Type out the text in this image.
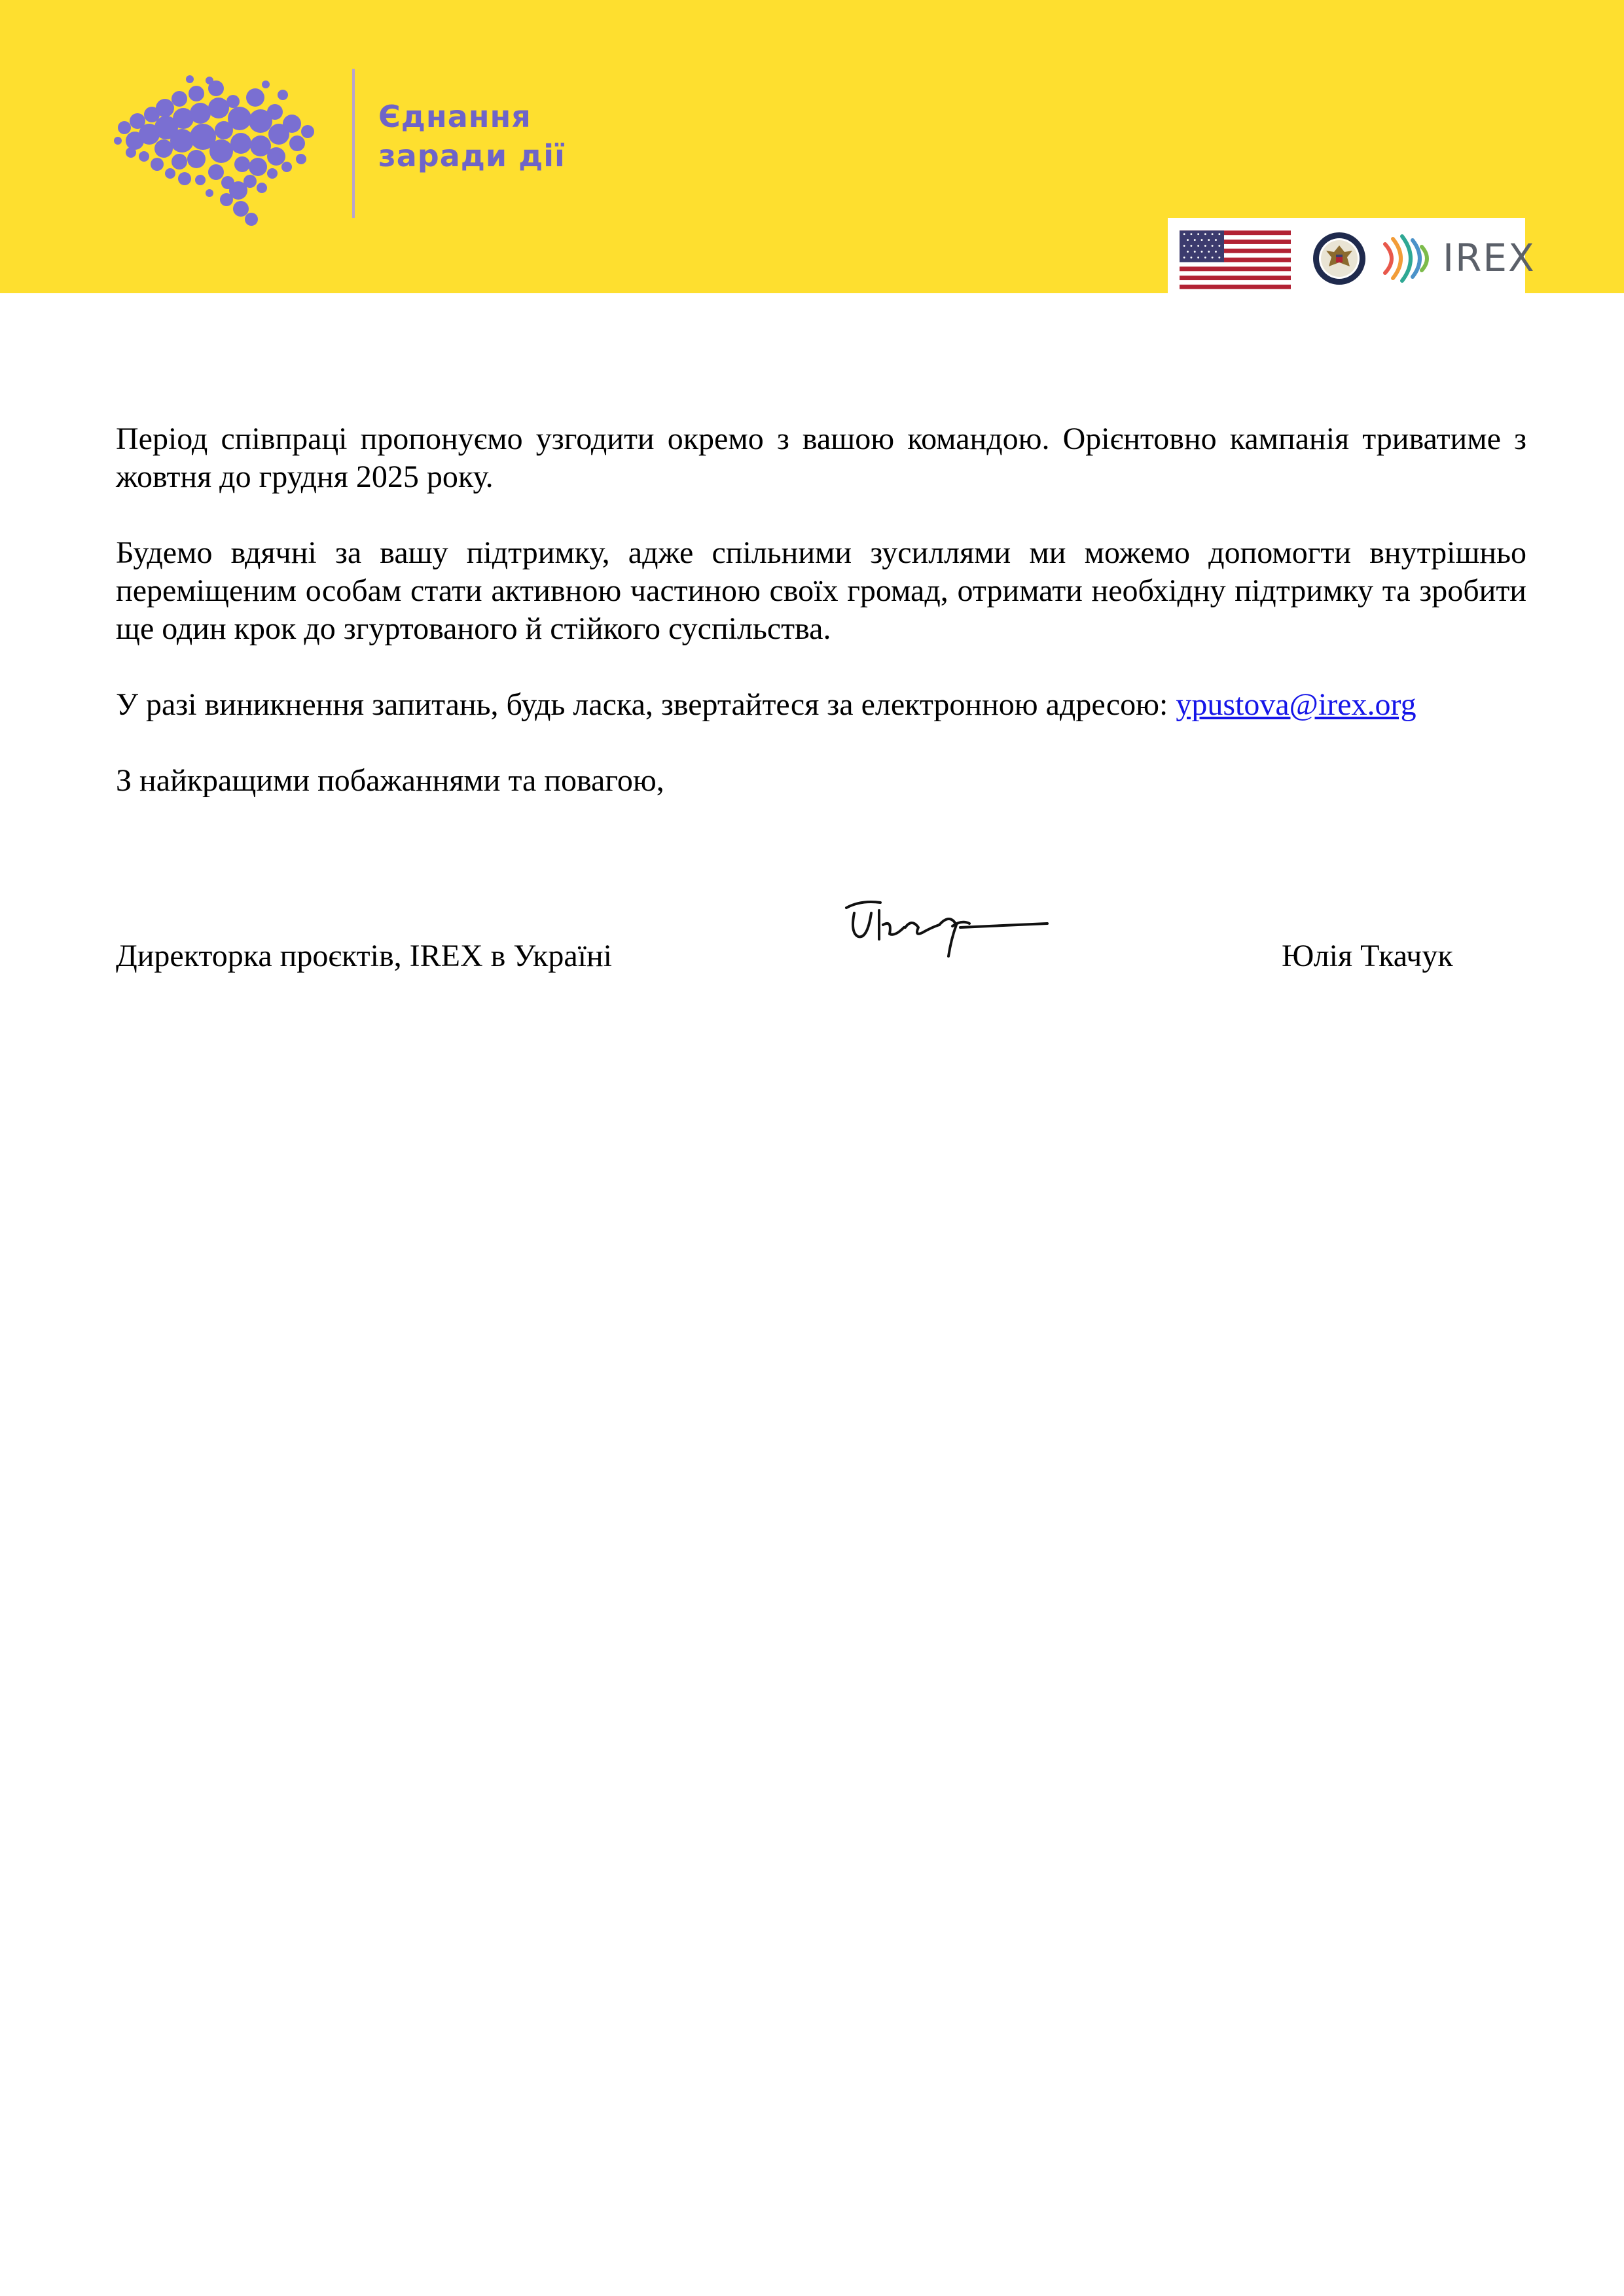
Єднання
заради дії
IREX

Період співпраці пропонуємо узгодити окремо з вашою командою. Орієнтовно кампанія триватиме з жовтня до грудня 2025 року.

Будемо вдячні за вашу підтримку, адже спільними зусиллями ми можемо допомогти внутрішньо переміщеним особам стати активною частиною своїх громад, отримати необхідну підтримку та зробити ще один крок до згуртованого й стійкого суспільства.

У разі виникнення запитань, будь ласка, звертайтеся за електронною адресою: ypustova@irex.org

З найкращими побажаннями та повагою,

Директорка проєктів, IREX в Україні	Юлія Ткачук
